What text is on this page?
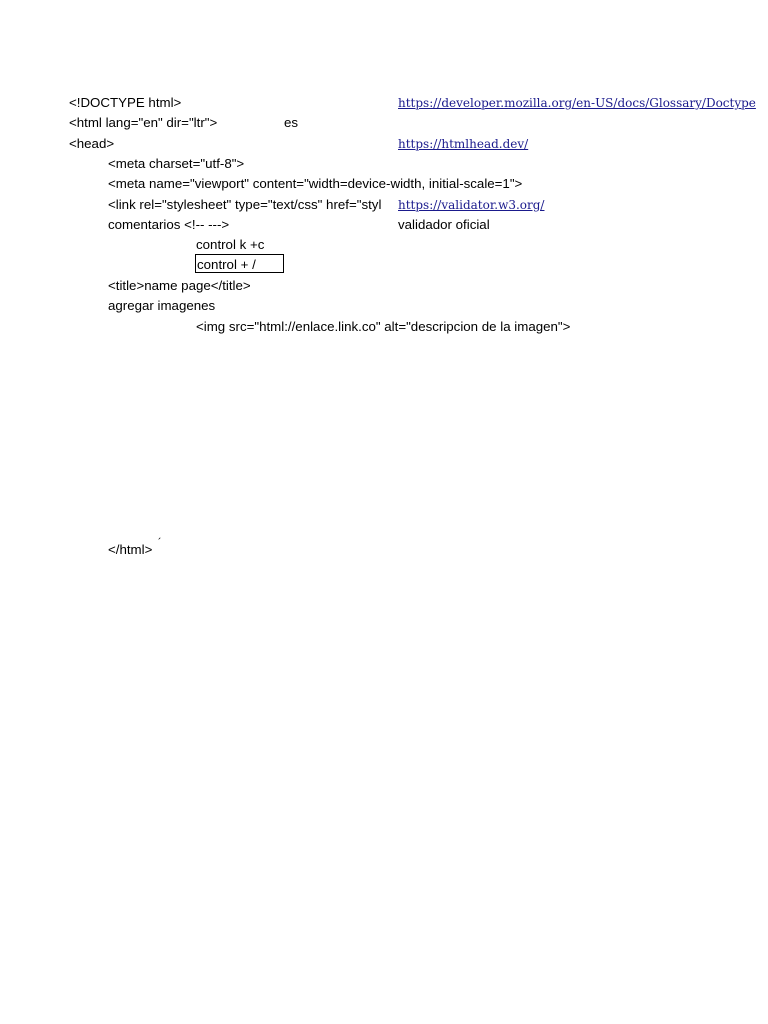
<!DOCTYPE html>	https://developer.mozilla.org/en-US/docs/Glossary/Doctype
<html lang="en" dir="ltr">	es
<head>	https://htmlhead.dev/
<meta charset="utf-8">
<meta name="viewport" content="width=device-width, initial-scale=1">
<link rel="stylesheet" type="text/css" href="styl	https://validator.w3.org/
comentarios <!-- --->	validador oficial
control k +c
control + /
<title>name page</title>
agregar imagenes
<img src="html://enlace.link.co" alt="descripcion de la imagen">
</html> ´
